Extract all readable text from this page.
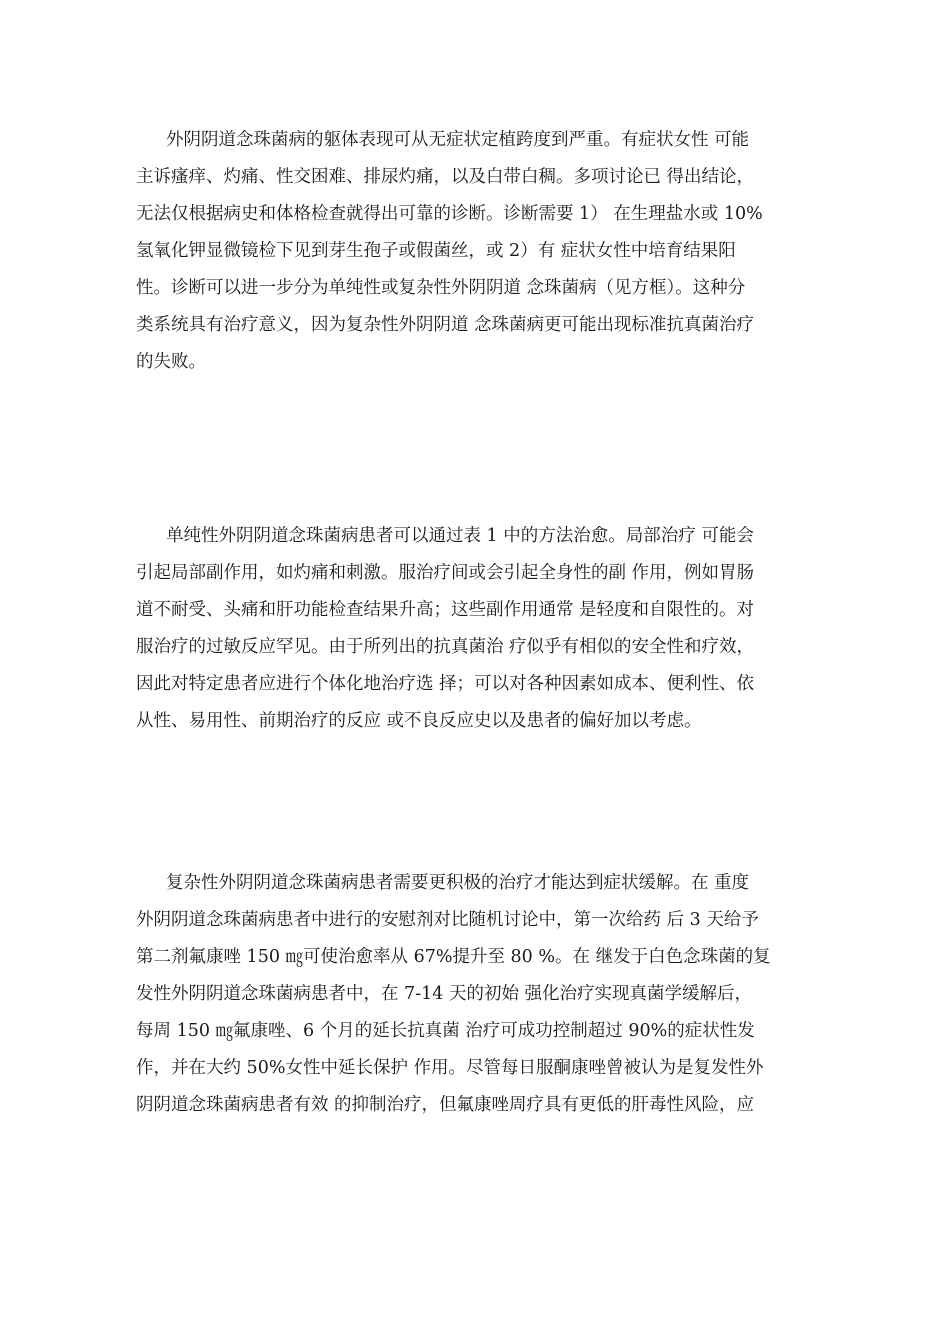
外阴阴道念珠菌病的躯体表现可从无症状定植跨度到严重。有症状女性 可能
主诉瘙痒、灼痛、性交困难、排尿灼痛，以及白带白稠。多项讨论已 得出结论，
无法仅根据病史和体格检查就得出可靠的诊断。诊断需要 1） 在生理盐水或 10%
氢氧化钾显微镜检下见到芽生孢子或假菌丝，或 2）有 症状女性中培育结果阳
性。诊断可以进一步分为单纯性或复杂性外阴阴道 念珠菌病（见方框）。这种分
类系统具有治疗意义，因为复杂性外阴阴道 念珠菌病更可能出现标准抗真菌治疗
的失败。
单纯性外阴阴道念珠菌病患者可以通过表 1 中的方法治愈。局部治疗 可能会
引起局部副作用，如灼痛和刺激。服治疗间或会引起全身性的副 作用，例如胃肠
道不耐受、头痛和肝功能检查结果升高；这些副作用通常 是轻度和自限性的。对
服治疗的过敏反应罕见。由于所列出的抗真菌治 疗似乎有相似的安全性和疗效，
因此对特定患者应进行个体化地治疗选 择；可以对各种因素如成本、便利性、依
从性、易用性、前期治疗的反应 或不良反应史以及患者的偏好加以考虑。
复杂性外阴阴道念珠菌病患者需要更积极的治疗才能达到症状缓解。在 重度
外阴阴道念珠菌病患者中进行的安慰剂对比随机讨论中，第一次给药 后 3 天给予
第二剂氟康唑 150 ㎎可使治愈率从 67%提升至 80 %。在 继发于白色念珠菌的复
发性外阴阴道念珠菌病患者中，在 7-14 天的初始 强化治疗实现真菌学缓解后，
每周 150 ㎎氟康唑、6 个月的延长抗真菌 治疗可成功控制超过 90%的症状性发
作，并在大约 50%女性中延长保护 作用。尽管每日服酮康唑曾被认为是复发性外
阴阴道念珠菌病患者有效 的抑制治疗，但氟康唑周疗具有更低的肝毒性风险，应
